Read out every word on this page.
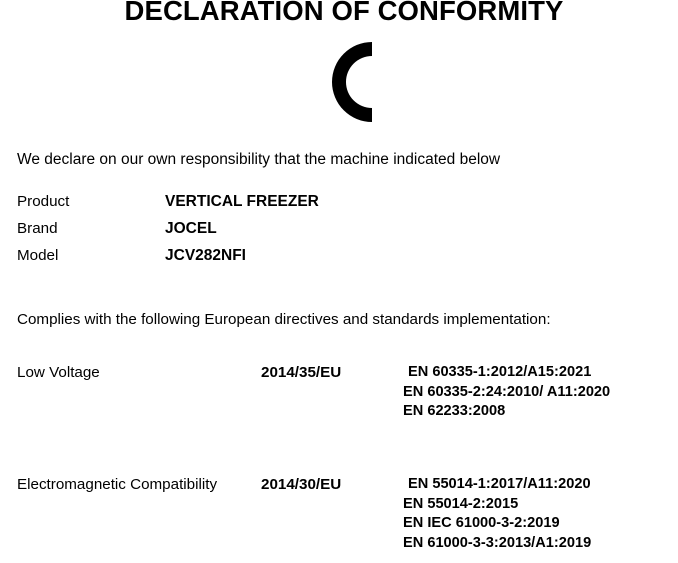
DECLARATION OF CONFORMITY
We declare on our own responsibility that the machine indicated below
Product	VERTICAL FREEZER
Brand	JOCEL
Model	JCV282NFI
Complies with the following European directives and standards implementation:
Low Voltage	2014/35/EU	EN 60335-1:2012/A15:2021
EN 60335-2:24:2010/ A11:2020
EN 62233:2008
Electromagnetic Compatibility	2014/30/EU	EN 55014-1:2017/A11:2020
EN 55014-2:2015
EN IEC 61000-3-2:2019
EN 61000-3-3:2013/A1:2019
